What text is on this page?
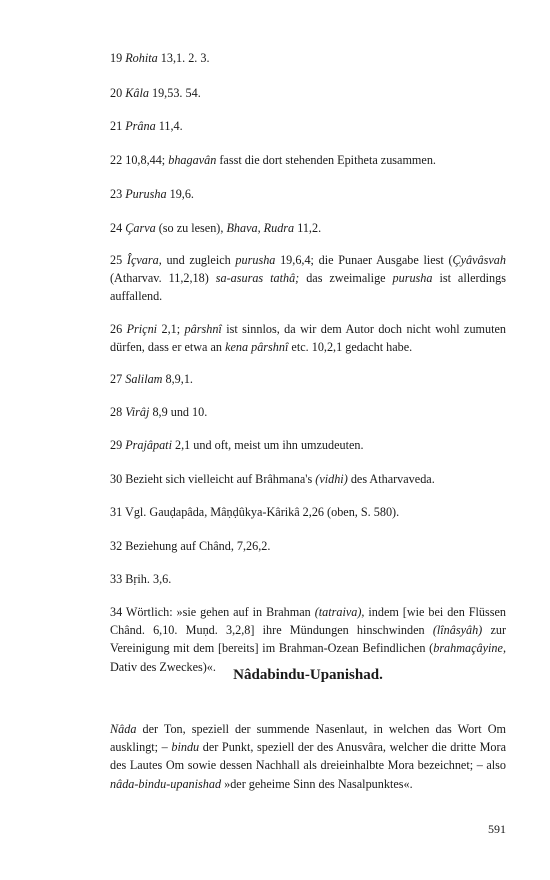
19 Rohita 13,1. 2. 3.

20 Kâla 19,53. 54.

21 Prâna 11,4.

22 10,8,44; bhagavân fasst die dort stehenden Epitheta zusammen.

23 Purusha 19,6.

24 Çarva (so zu lesen), Bhava, Rudra 11,2.

25 Îçvara, und zugleich purusha 19,6,4; die Punaer Ausgabe liest (Çyâvâsvah (Atharvav. 11,2,18) sa-asuras tathâ; das zweimalige purusha ist allerdings auffallend.

26 Priçni 2,1; pârshnî ist sinnlos, da wir dem Autor doch nicht wohl zumuten dürfen, dass er etwa an kena pârshnî etc. 10,2,1 gedacht habe.

27 Salilam 8,9,1.

28 Virâj 8,9 und 10.

29 Prajâpati 2,1 und oft, meist um ihn umzudeuten.

30 Bezieht sich vielleicht auf Brâhmana's (vidhi) des Atharvaveda.

31 Vgl. Gauḍapâda, Mâṇḍûkya-Kârikâ 2,26 (oben, S. 580).

32 Beziehung auf Chând, 7,26,2.

33 Bṛih. 3,6.

34 Wörtlich: »sie gehen auf in Brahman (tatraiva), indem [wie bei den Flüssen Chând. 6,10. Muṇd. 3,2,8] ihre Mündungen hinschwinden (lînâsyâh) zur Vereinigung mit dem [bereits] im Brahman-Ozean Befindlichen (brahmaçâyine, Dativ des Zweckes)«.

Nâdabindu-Upanishad.

Nâda der Ton, speziell der summende Nasenlaut, in welchen das Wort Om ausklingt; – bindu der Punkt, speziell der des Anusvâra, welcher die dritte Mora des Lautes Om sowie dessen Nachhall als dreieinhalbte Mora bezeichnet; – also nâda-bindu-upanishad »der geheime Sinn des Nasalpunktes«.

591
